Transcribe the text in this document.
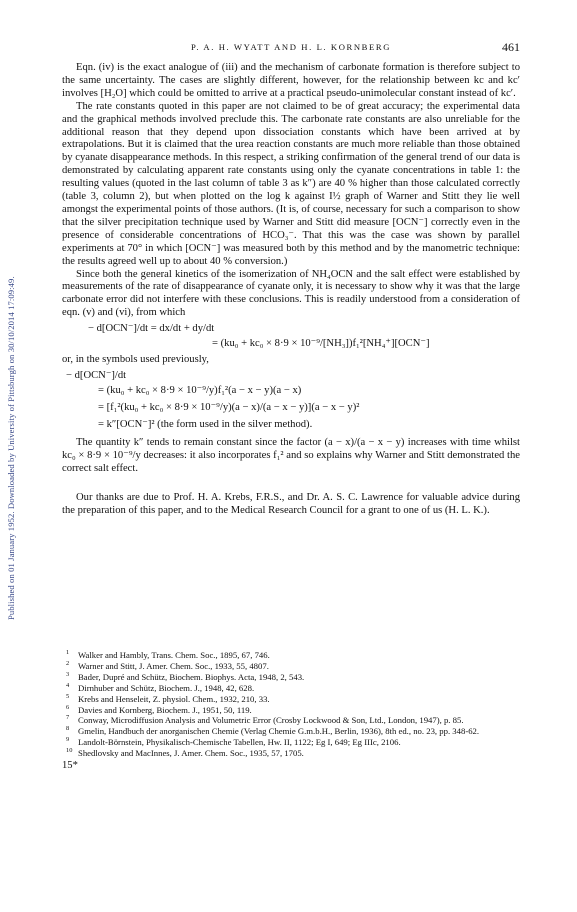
Published on 01 January 1952. Downloaded by University of Pittsburgh on 30/10/2014 17:09:49.
P. A. H. WYATT AND H. L. KORNBERG	461

Eqn. (iv) is the exact analogue of (iii) and the mechanism of carbonate formation is therefore subject to the same uncertainty. The cases are slightly different, however, for the relationship between kc and kc′ involves [H₂O] which could be omitted to arrive at a practical pseudo-unimolecular constant instead of kc′.

The rate constants quoted in this paper are not claimed to be of great accuracy; the experimental data and the graphical methods involved preclude this. The carbonate rate constants are also unreliable for the additional reason that they depend upon dissociation constants which have been arrived at by extrapolations. But it is claimed that the urea reaction constants are much more reliable than those obtained by cyanate disappearance methods. In this respect, a striking confirmation of the general trend of our data is demonstrated by calculating apparent rate constants using only the cyanate concentrations in table 1: the resulting values (quoted in the last column of table 3 as k″) are 40 % higher than those calculated correctly (table 3, column 2), but when plotted on the log k against I½ graph of Warner and Stitt they lie well amongst the experimental points of those authors. (It is, of course, necessary for such a comparison to show that the silver precipitation technique used by Warner and Stitt did measure [OCN⁻] correctly even in the presence of considerable concentrations of HCO₃⁻. That this was the case was shown by parallel experiments at 70° in which [OCN⁻] was measured both by this method and by the manometric technique: the results agreed well up to about 40 % conversion.)

Since both the general kinetics of the isomerization of NH₄OCN and the salt effect were established by measurements of the rate of disappearance of cyanate only, it is necessary to show why it was that the large carbonate error did not interfere with these conclusions. This is readily understood from a consideration of eqn. (v) and (vi), from which

− d[OCN⁻]/dt = dx/dt + dy/dt

= (ku₀ + kc₀ × 8·9 × 10⁻⁹/[NH₃])f₁²[NH₄⁺][OCN⁻]

or, in the symbols used previously,

− d[OCN⁻]/dt

= (ku₀ + kc₀ × 8·9 × 10⁻⁹/y)f₁²(a − x − y)(a − x)

= [f₁²(ku₀ + kc₀ × 8·9 × 10⁻⁹/y)(a − x)/(a − x − y)](a − x − y)²

= k″[OCN⁻]² (the form used in the silver method).

The quantity k″ tends to remain constant since the factor (a − x)/(a − x − y) increases with time whilst kc₀ × 8·9 × 10⁻⁹/y decreases: it also incorporates f₁² and so explains why Warner and Stitt demonstrated the correct salt effect.

Our thanks are due to Prof. H. A. Krebs, F.R.S., and Dr. A. S. C. Lawrence for valuable advice during the preparation of this paper, and to the Medical Research Council for a grant to one of us (H. L. K.).

1 Walker and Hambly, Trans. Chem. Soc., 1895, 67, 746.
2 Warner and Stitt, J. Amer. Chem. Soc., 1933, 55, 4807.
3 Bader, Dupré and Schütz, Biochem. Biophys. Acta, 1948, 2, 543.
4 Dirnhuber and Schütz, Biochem. J., 1948, 42, 628.
5 Krebs and Henseleit, Z. physiol. Chem., 1932, 210, 33.
6 Davies and Kornberg, Biochem. J., 1951, 50, 119.
7 Conway, Microdiffusion Analysis and Volumetric Error (Crosby Lockwood & Son, Ltd., London, 1947), p. 85.
8 Gmelin, Handbuch der anorganischen Chemie (Verlag Chemie G.m.b.H., Berlin, 1936), 8th ed., no. 23, pp. 348-62.
9 Landolt-Börnstein, Physikalisch-Chemische Tabellen, Hw. II, 1122; Eg I, 649; Eg IIIc, 2106.
10 Shedlovsky and MacInnes, J. Amer. Chem. Soc., 1935, 57, 1705.
15*
